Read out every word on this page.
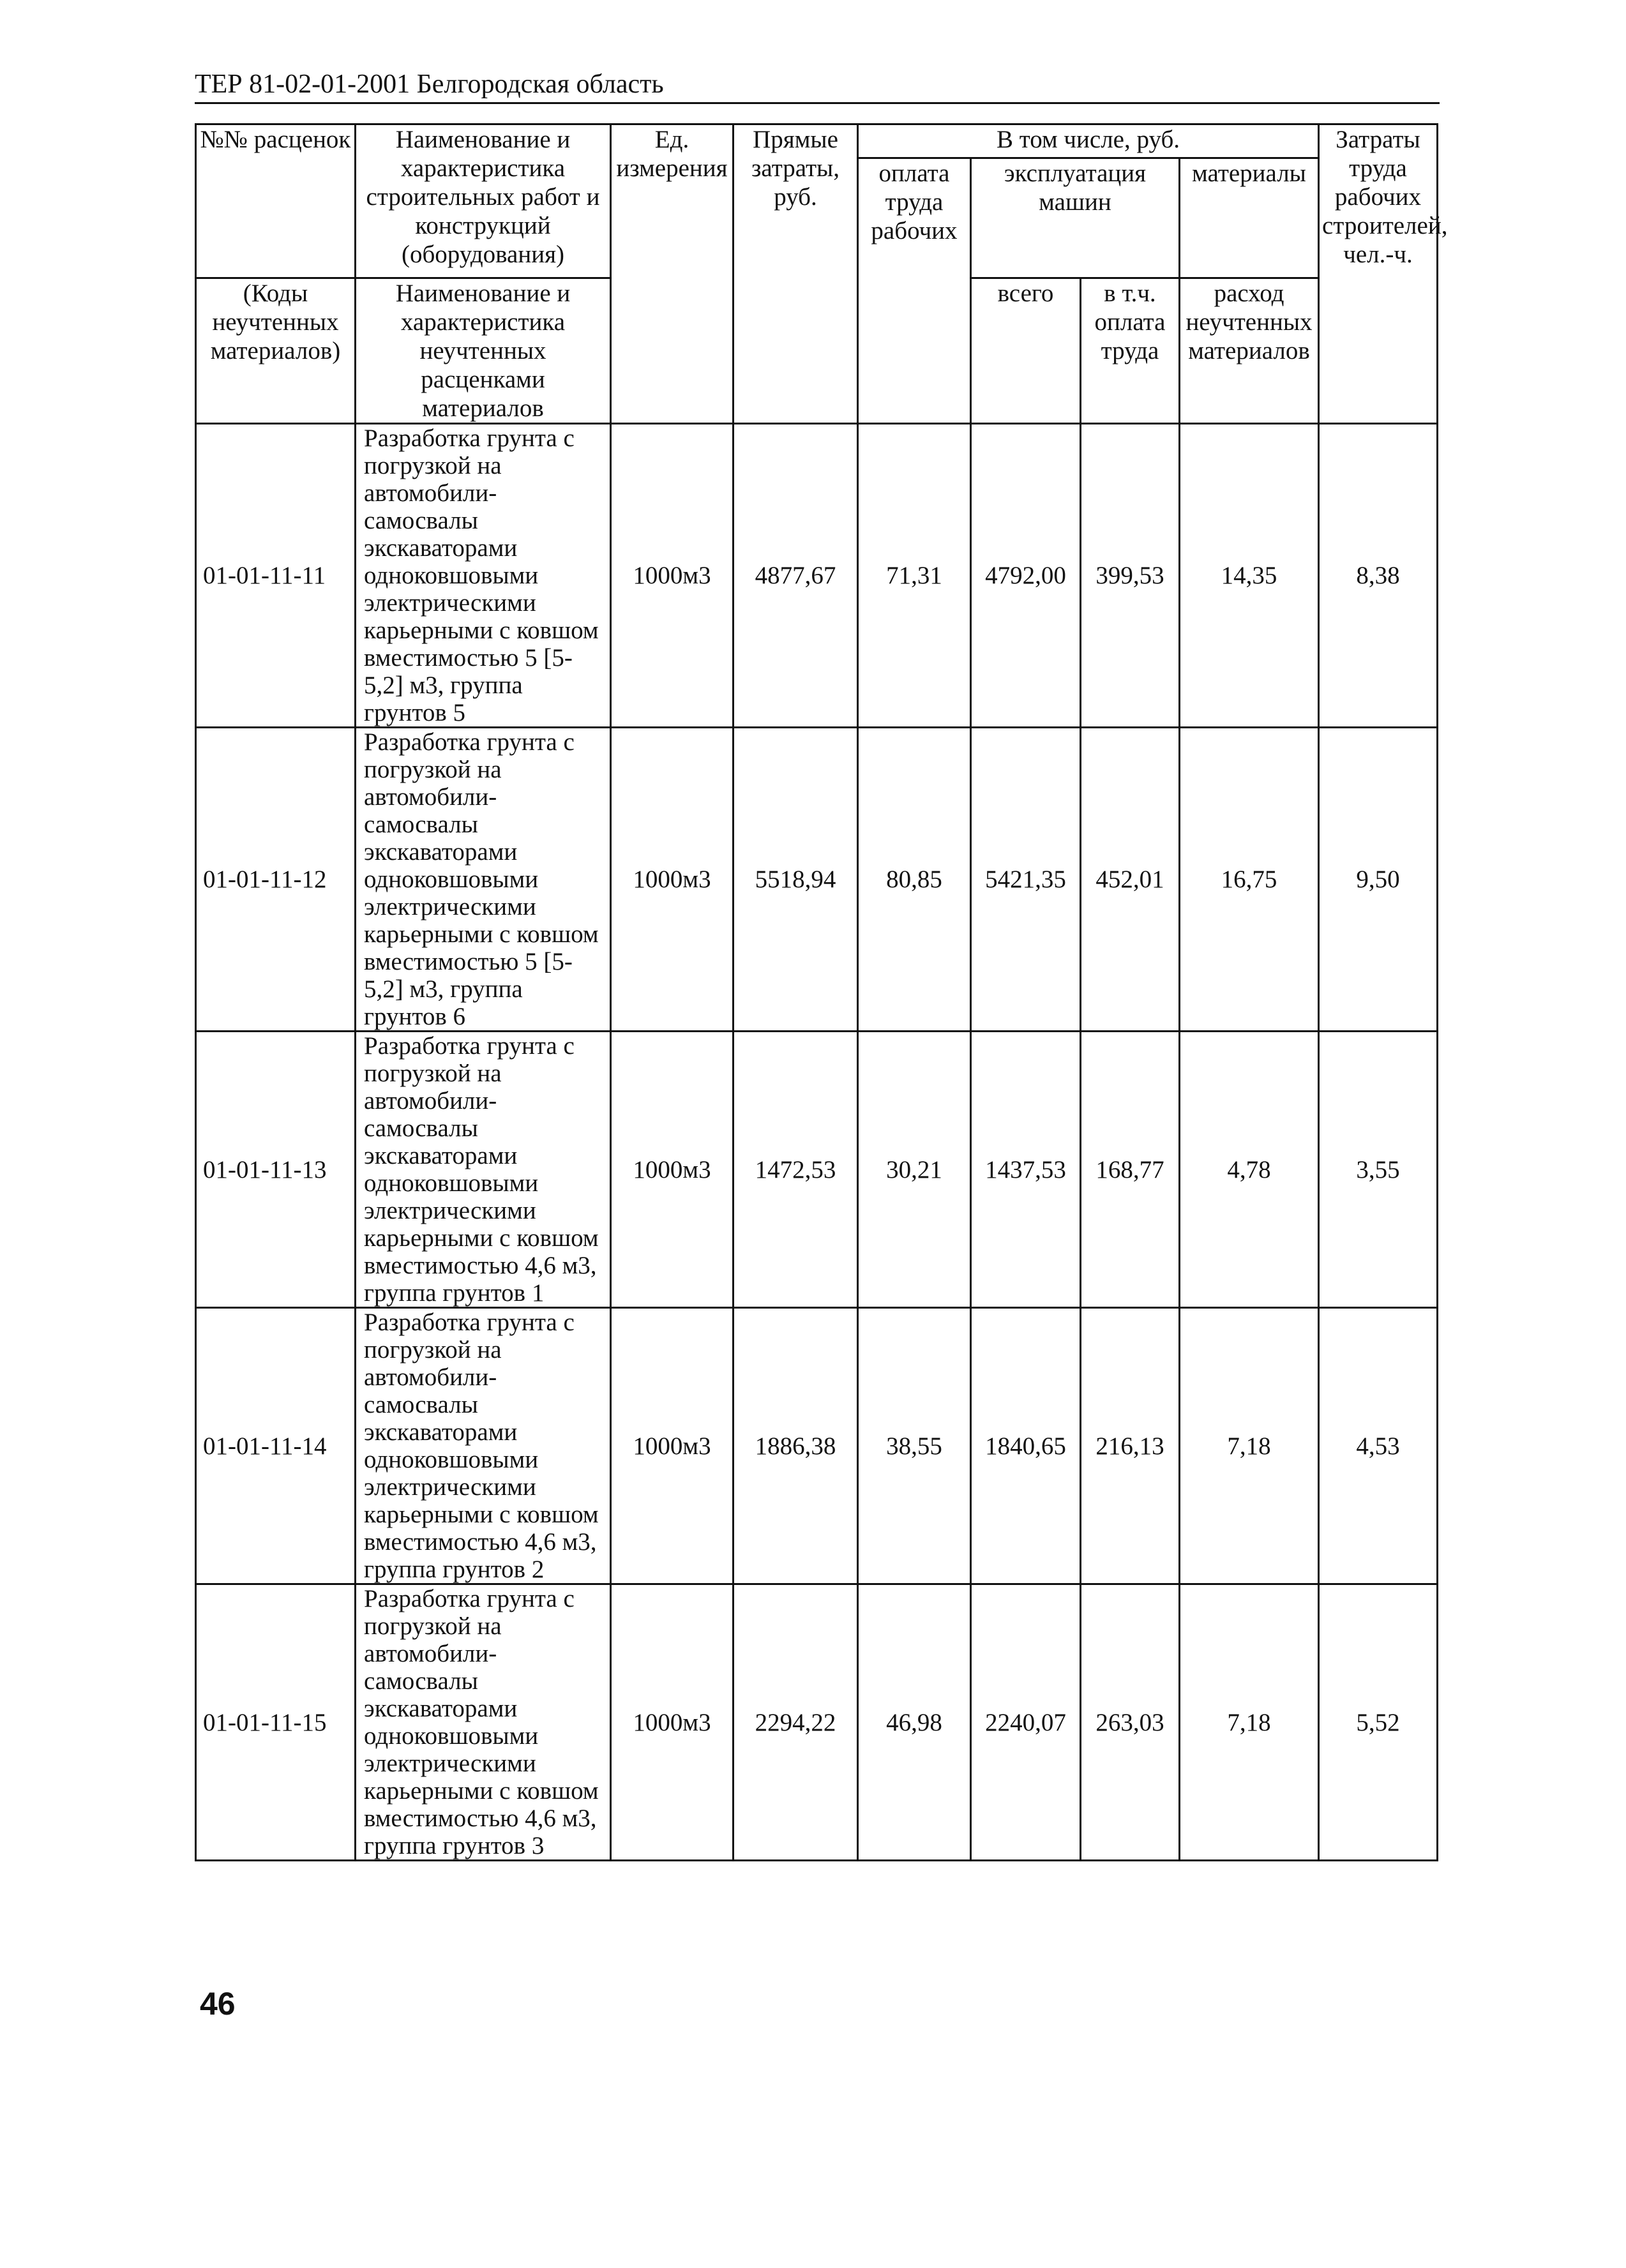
ТЕР 81-02-01-2001 Белгородская область
№№ расценок	Наименование и характеристика строительных работ и конструкций (оборудования)	Ед. измерения	Прямые затраты, руб.	В том числе, руб.				Затраты труда рабочих строителей, чел.-ч.
				оплата труда рабочих	эксплуатация машин		материалы	
(Коды неучтенных материалов)	Наименование и характеристика неучтенных расценками материалов				всего	в т.ч. оплата труда	расход неучтенных материалов	
01-01-11-11	Разработка грунта с погрузкой на автомобили-самосвалы экскаваторами одноковшовыми электрическими карьерными с ковшом вместимостью 5 [5-5,2] м3, группа грунтов 5	1000м3	4877,67	71,31	4792,00	399,53	14,35	8,38
01-01-11-12	Разработка грунта с погрузкой на автомобили-самосвалы экскаваторами одноковшовыми электрическими карьерными с ковшом вместимостью 5 [5-5,2] м3, группа грунтов 6	1000м3	5518,94	80,85	5421,35	452,01	16,75	9,50
01-01-11-13	Разработка грунта с погрузкой на автомобили-самосвалы экскаваторами одноковшовыми электрическими карьерными с ковшом вместимостью 4,6 м3, группа грунтов 1	1000м3	1472,53	30,21	1437,53	168,77	4,78	3,55
01-01-11-14	Разработка грунта с погрузкой на автомобили-самосвалы экскаваторами одноковшовыми электрическими карьерными с ковшом вместимостью 4,6 м3, группа грунтов 2	1000м3	1886,38	38,55	1840,65	216,13	7,18	4,53
01-01-11-15	Разработка грунта с погрузкой на автомобили-самосвалы экскаваторами одноковшовыми электрическими карьерными с ковшом вместимостью 4,6 м3, группа грунтов 3	1000м3	2294,22	46,98	2240,07	263,03	7,18	5,52
46
